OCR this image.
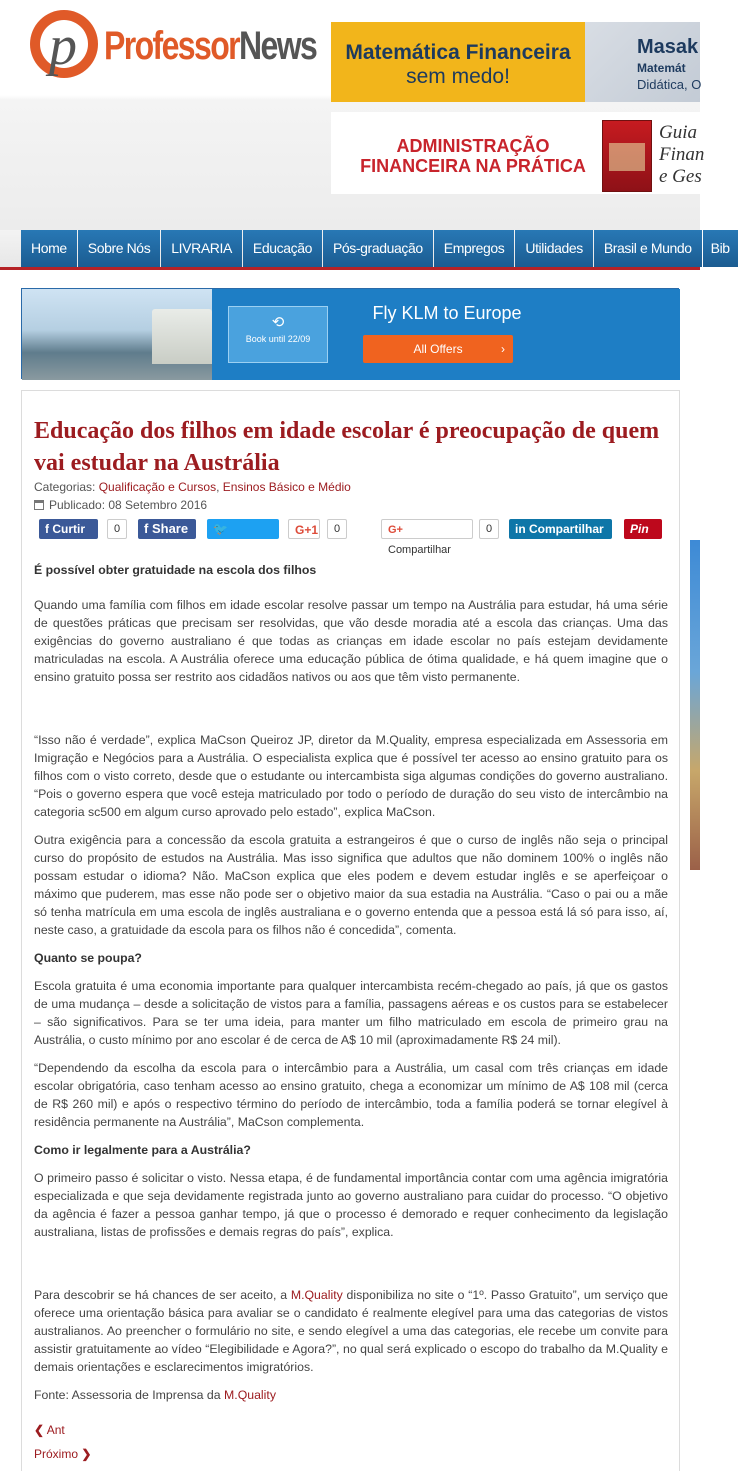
p ProfessorNews	Matemática Financeira
sem medo!
Masak
Matemát
Didática, O
ADMINISTRAÇÃO FINANCEIRA NA PRÁTICA
Guia
Finan
e Ges
Home	Sobre Nós	LIVRARIA	Educação	Pós-graduação	Empregos	Utilidades	Brasil e Mundo	Bib
⟲
Book until 22/09
Fly KLM to Europe
All Offers	›
Educação dos filhos em idade escolar é preocupação de quem vai estudar na Austrália
Categorias: Qualificação e Cursos, Ensinos Básico e Médio
Publicado: 08 Setembro 2016
f Curtir	0	f Share	🐦 Tweetar
G+1	0	G+ Compartilhar
0	in Compartilhar	Pin it

É possível obter gratuidade na escola dos filhos

Quando uma família com filhos em idade escolar resolve passar um tempo na Austrália para estudar, há uma série de questões práticas que precisam ser resolvidas, que vão desde moradia até a escola das crianças. Uma das exigências do governo australiano é que todas as crianças em idade escolar no país estejam devidamente matriculadas na escola. A Austrália oferece uma educação pública de ótima qualidade, e há quem imagine que o ensino gratuito possa ser restrito aos cidadãos nativos ou aos que têm visto permanente.

“Isso não é verdade”, explica MaCson Queiroz JP, diretor da M.Quality, empresa especializada em Assessoria em Imigração e Negócios para a Austrália. O especialista explica que é possível ter acesso ao ensino gratuito para os filhos com o visto correto, desde que o estudante ou intercambista siga algumas condições do governo australiano. “Pois o governo espera que você esteja matriculado por todo o período de duração do seu visto de intercâmbio na categoria sc500 em algum curso aprovado pelo estado”, explica MaCson.

Outra exigência para a concessão da escola gratuita a estrangeiros é que o curso de inglês não seja o principal curso do propósito de estudos na Austrália. Mas isso significa que adultos que não dominem 100% o inglês não possam estudar o idioma? Não. MaCson explica que eles podem e devem estudar inglês e se aperfeiçoar o máximo que puderem, mas esse não pode ser o objetivo maior da sua estadia na Austrália. “Caso o pai ou a mãe só tenha matrícula em uma escola de inglês australiana e o governo entenda que a pessoa está lá só para isso, aí, neste caso, a gratuidade da escola para os filhos não é concedida”, comenta.

Quanto se poupa?

Escola gratuita é uma economia importante para qualquer intercambista recém-chegado ao país, já que os gastos de uma mudança – desde a solicitação de vistos para a família, passagens aéreas e os custos para se estabelecer – são significativos. Para se ter uma ideia, para manter um filho matriculado em escola de primeiro grau na Austrália, o custo mínimo por ano escolar é de cerca de A$ 10 mil (aproximadamente R$ 24 mil).

“Dependendo da escolha da escola para o intercâmbio para a Austrália, um casal com três crianças em idade escolar obrigatória, caso tenham acesso ao ensino gratuito, chega a economizar um mínimo de A$ 108 mil (cerca de R$ 260 mil) e após o respectivo término do período de intercâmbio, toda a família poderá se tornar elegível à residência permanente na Austrália”, MaCson complementa.

Como ir legalmente para a Austrália?

O primeiro passo é solicitar o visto. Nessa etapa, é de fundamental importância contar com uma agência imigratória especializada e que seja devidamente registrada junto ao governo australiano para cuidar do processo. “O objetivo da agência é fazer a pessoa ganhar tempo, já que o processo é demorado e requer conhecimento da legislação australiana, listas de profissões e demais regras do país”, explica.

Para descobrir se há chances de ser aceito, a M.Quality disponibiliza no site o “1º. Passo Gratuito”, um serviço que oferece uma orientação básica para avaliar se o candidato é realmente elegível para uma das categorias de vistos australianos. Ao preencher o formulário no site, e sendo elegível a uma das categorias, ele recebe um convite para assistir gratuitamente ao vídeo “Elegibilidade e Agora?”, no qual será explicado o escopo do trabalho da M.Quality e demais orientações e esclarecimentos imigratórios.

Fonte: Assessoria de Imprensa da M.Quality

❮ Ant
Próximo ❯
